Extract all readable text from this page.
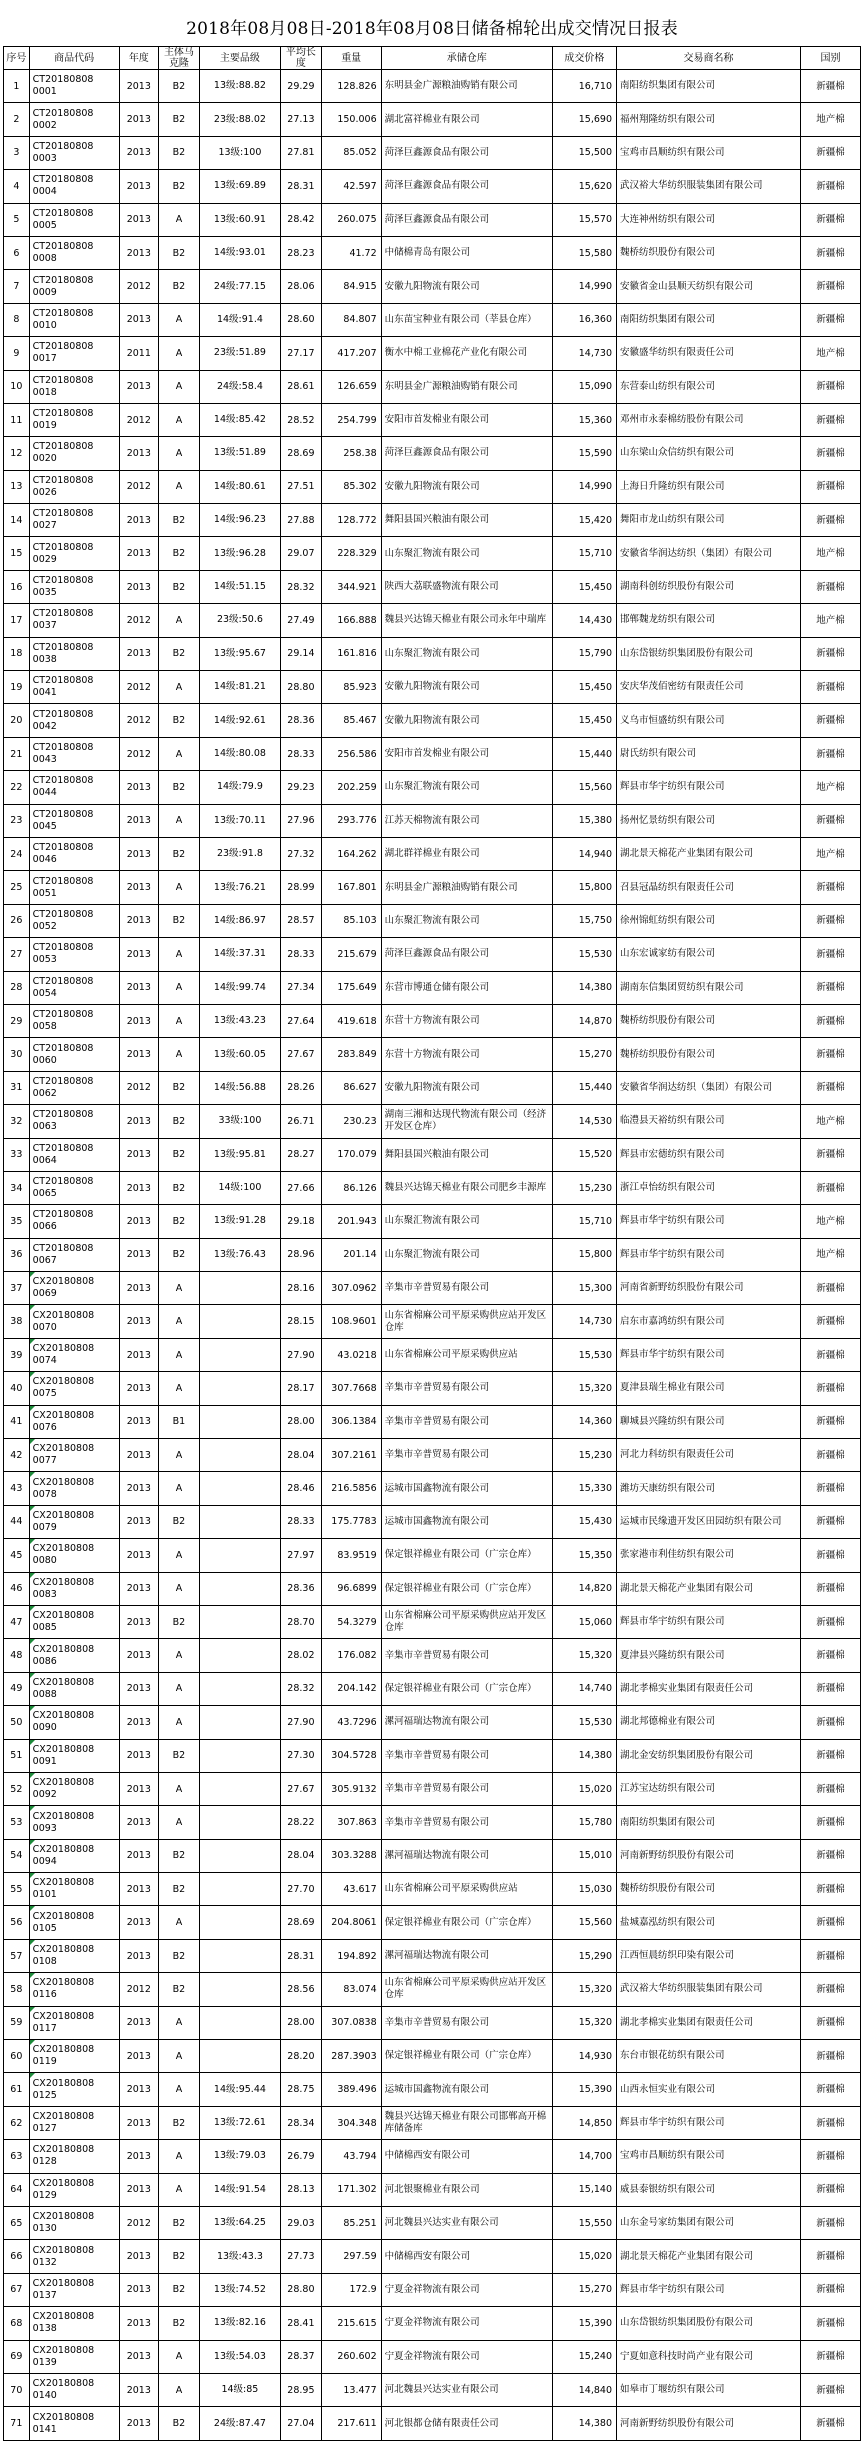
2018年08月08日-2018年08月08日储备棉轮出成交情况日报表
序号	商品代码	年度	主体马克隆	主要品级	平均长度	重量	承储仓库	成交价格	交易商名称	国别
1	CT20180808 0001	2013	B2	13级:88.82	29.29	128.826	东明县金广源粮油购销有限公司	16,710	南阳纺织集团有限公司	新疆棉
2	CT20180808 0002	2013	B2	23级:88.02	27.13	150.006	湖北富祥棉业有限公司	15,690	福州翔隆纺织有限公司	地产棉
3	CT20180808 0003	2013	B2	13级:100	27.81	85.052	菏泽巨鑫源食品有限公司	15,500	宝鸡市昌顺纺织有限公司	新疆棉
4	CT20180808 0004	2013	B2	13级:69.89	28.31	42.597	菏泽巨鑫源食品有限公司	15,620	武汉裕大华纺织服装集团有限公司	新疆棉
5	CT20180808 0005	2013	A	13级:60.91	28.42	260.075	菏泽巨鑫源食品有限公司	15,570	大连神州纺织有限公司	新疆棉
6	CT20180808 0008	2013	B2	14级:93.01	28.23	41.72	中储棉青岛有限公司	15,580	魏桥纺织股份有限公司	新疆棉
7	CT20180808 0009	2012	B2	24级:77.15	28.06	84.915	安徽九阳物流有限公司	14,990	安徽省金山县顺天纺织有限公司	新疆棉
8	CT20180808 0010	2013	A	14级:91.4	28.60	84.807	山东苗宝种业有限公司（莘县仓库）	16,360	南阳纺织集团有限公司	新疆棉
9	CT20180808 0017	2011	A	23级:51.89	27.17	417.207	衡水中棉工业棉花产业化有限公司	14,730	安徽盛华纺织有限责任公司	地产棉
10	CT20180808 0018	2013	A	24级:58.4	28.61	126.659	东明县金广源粮油购销有限公司	15,090	东营泰山纺织有限公司	新疆棉
11	CT20180808 0019	2012	A	14级:85.42	28.52	254.799	安阳市首发棉业有限公司	15,360	邓州市永泰棉纺股份有限公司	新疆棉
12	CT20180808 0020	2013	A	13级:51.89	28.69	258.38	菏泽巨鑫源食品有限公司	15,590	山东梁山众信纺织有限公司	新疆棉
13	CT20180808 0026	2012	A	14级:80.61	27.51	85.302	安徽九阳物流有限公司	14,990	上海日升隆纺织有限公司	新疆棉
14	CT20180808 0027	2013	B2	14级:96.23	27.88	128.772	舞阳县国兴粮油有限公司	15,420	舞阳市龙山纺织有限公司	新疆棉
15	CT20180808 0029	2013	B2	13级:96.28	29.07	228.329	山东聚汇物流有限公司	15,710	安徽省华润达纺织（集团）有限公司	地产棉
16	CT20180808 0035	2013	B2	14级:51.15	28.32	344.921	陕西大荔联盛物流有限公司	15,450	湖南科创纺织股份有限公司	新疆棉
17	CT20180808 0037	2012	A	23级:50.6	27.49	166.888	魏县兴达锦天棉业有限公司永年中瑞库	14,430	邯郸魏龙纺织有限公司	地产棉
18	CT20180808 0038	2013	B2	13级:95.67	29.14	161.816	山东聚汇物流有限公司	15,790	山东岱银纺织集团股份有限公司	新疆棉
19	CT20180808 0041	2012	A	14级:81.21	28.80	85.923	安徽九阳物流有限公司	15,450	安庆华茂佰密纺有限责任公司	新疆棉
20	CT20180808 0042	2012	B2	14级:92.61	28.36	85.467	安徽九阳物流有限公司	15,450	义乌市恒盛纺织有限公司	新疆棉
21	CT20180808 0043	2012	A	14级:80.08	28.33	256.586	安阳市首发棉业有限公司	15,440	尉氏纺织有限公司	新疆棉
22	CT20180808 0044	2013	B2	14级:79.9	29.23	202.259	山东聚汇物流有限公司	15,560	辉县市华宇纺织有限公司	地产棉
23	CT20180808 0045	2013	A	13级:70.11	27.96	293.776	江苏天棉物流有限公司	15,380	扬州忆景纺织有限公司	新疆棉
24	CT20180808 0046	2013	B2	23级:91.8	27.32	164.262	湖北群祥棉业有限公司	14,940	湖北景天棉花产业集团有限公司	地产棉
25	CT20180808 0051	2013	A	13级:76.21	28.99	167.801	东明县金广源粮油购销有限公司	15,800	召县冠晶纺织有限责任公司	新疆棉
26	CT20180808 0052	2013	B2	14级:86.97	28.57	85.103	山东聚汇物流有限公司	15,750	徐州锦虹纺织有限公司	新疆棉
27	CT20180808 0053	2013	A	14级:37.31	28.33	215.679	菏泽巨鑫源食品有限公司	15,530	山东宏诚家纺有限公司	新疆棉
28	CT20180808 0054	2013	A	14级:99.74	27.34	175.649	东营市博通仓储有限公司	14,380	湖南东信集团贸纺织有限公司	新疆棉
29	CT20180808 0058	2013	A	13级:43.23	27.64	419.618	东营十方物流有限公司	14,870	魏桥纺织股份有限公司	新疆棉
30	CT20180808 0060	2013	A	13级:60.05	27.67	283.849	东营十方物流有限公司	15,270	魏桥纺织股份有限公司	新疆棉
31	CT20180808 0062	2012	B2	14级:56.88	28.26	86.627	安徽九阳物流有限公司	15,440	安徽省华润达纺织（集团）有限公司	新疆棉
32	CT20180808 0063	2013	B2	33级:100	26.71	230.23	湖南三湘和达现代物流有限公司（经济开发区仓库）	14,530	临澧县天裕纺织有限公司	地产棉
33	CT20180808 0064	2013	B2	13级:95.81	28.27	170.079	舞阳县国兴粮油有限公司	15,520	辉县市宏德纺织有限公司	新疆棉
34	CT20180808 0065	2013	B2	14级:100	27.66	86.126	魏县兴达锦天棉业有限公司肥乡丰源库	15,230	浙江卓怡纺织有限公司	新疆棉
35	CT20180808 0066	2013	B2	13级:91.28	29.18	201.943	山东聚汇物流有限公司	15,710	辉县市华宇纺织有限公司	地产棉
36	CT20180808 0067	2013	B2	13级:76.43	28.96	201.14	山东聚汇物流有限公司	15,800	辉县市华宇纺织有限公司	地产棉
37	CX20180808 0069	2013	A		28.16	307.0962	辛集市辛普贸易有限公司	15,300	河南省新野纺织股份有限公司	新疆棉
38	CX20180808 0070	2013	A		28.15	108.9601	山东省棉麻公司平原采购供应站开发区仓库	14,730	启东市嘉鸿纺织有限公司	新疆棉
39	CX20180808 0074	2013	A		27.90	43.0218	山东省棉麻公司平原采购供应站	15,530	辉县市华宇纺织有限公司	新疆棉
40	CX20180808 0075	2013	A		28.17	307.7668	辛集市辛普贸易有限公司	15,320	夏津县瑞生棉业有限公司	新疆棉
41	CX20180808 0076	2013	B1		28.00	306.1384	辛集市辛普贸易有限公司	14,360	聊城县兴隆纺织有限公司	新疆棉
42	CX20180808 0077	2013	A		28.04	307.2161	辛集市辛普贸易有限公司	15,230	河北力科纺织有限责任公司	新疆棉
43	CX20180808 0078	2013	A		28.46	216.5856	运城市国鑫物流有限公司	15,330	潍坊天康纺织有限公司	新疆棉
44	CX20180808 0079	2013	B2		28.33	175.7783	运城市国鑫物流有限公司	15,430	运城市民缘遗开发区田园纺织有限公司	新疆棉
45	CX20180808 0080	2013	A		27.97	83.9519	保定银祥棉业有限公司（广宗仓库）	15,350	张家港市利佳纺织有限公司	新疆棉
46	CX20180808 0083	2013	A		28.36	96.6899	保定银祥棉业有限公司（广宗仓库）	14,820	湖北景天棉花产业集团有限公司	新疆棉
47	CX20180808 0085	2013	B2		28.70	54.3279	山东省棉麻公司平原采购供应站开发区仓库	15,060	辉县市华宇纺织有限公司	新疆棉
48	CX20180808 0086	2013	A		28.02	176.082	辛集市辛普贸易有限公司	15,320	夏津县兴隆纺织有限公司	新疆棉
49	CX20180808 0088	2013	A		28.32	204.142	保定银祥棉业有限公司（广宗仓库）	14,740	湖北孝棉实业集团有限责任公司	新疆棉
50	CX20180808 0090	2013	A		27.90	43.7296	漯河福瑞达物流有限公司	15,530	湖北邦德棉业有限公司	新疆棉
51	CX20180808 0091	2013	B2		27.30	304.5728	辛集市辛普贸易有限公司	14,380	湖北金安纺织集团股份有限公司	新疆棉
52	CX20180808 0092	2013	A		27.67	305.9132	辛集市辛普贸易有限公司	15,020	江苏宝达纺织有限公司	新疆棉
53	CX20180808 0093	2013	A		28.22	307.863	辛集市辛普贸易有限公司	15,780	南阳纺织集团有限公司	新疆棉
54	CX20180808 0094	2013	B2		28.04	303.3288	漯河福瑞达物流有限公司	15,010	河南新野纺织股份有限公司	新疆棉
55	CX20180808 0101	2013	B2		27.70	43.617	山东省棉麻公司平原采购供应站	15,030	魏桥纺织股份有限公司	新疆棉
56	CX20180808 0105	2013	A		28.69	204.8061	保定银祥棉业有限公司（广宗仓库）	15,560	盐城嘉泓纺织有限公司	新疆棉
57	CX20180808 0108	2013	B2		28.31	194.892	漯河福瑞达物流有限公司	15,290	江西恒晨纺织印染有限公司	新疆棉
58	CX20180808 0116	2012	B2		28.56	83.074	山东省棉麻公司平原采购供应站开发区仓库	15,320	武汉裕大华纺织服装集团有限公司	新疆棉
59	CX20180808 0117	2013	A		28.00	307.0838	辛集市辛普贸易有限公司	15,320	湖北孝棉实业集团有限责任公司	新疆棉
60	CX20180808 0119	2013	A		28.20	287.3903	保定银祥棉业有限公司（广宗仓库）	14,930	东台市银花纺织有限公司	新疆棉
61	CX20180808 0125	2013	A	14级:95.44	28.75	389.496	运城市国鑫物流有限公司	15,390	山西永恒实业有限公司	新疆棉
62	CX20180808 0127	2013	B2	13级:72.61	28.34	304.348	魏县兴达锦天棉业有限公司邯郸高开棉库储备库	14,850	辉县市华宇纺织有限公司	新疆棉
63	CX20180808 0128	2013	A	13级:79.03	26.79	43.794	中储棉西安有限公司	14,700	宝鸡市昌顺纺织有限公司	新疆棉
64	CX20180808 0129	2013	A	14级:91.54	28.13	171.302	河北银聚棉业有限公司	15,140	威县泰银纺织有限公司	新疆棉
65	CX20180808 0130	2012	B2	13级:64.25	29.03	85.251	河北魏县兴达实业有限公司	15,550	山东金号家纺集团有限公司	新疆棉
66	CX20180808 0132	2013	B2	13级:43.3	27.73	297.59	中储棉西安有限公司	15,020	湖北景天棉花产业集团有限公司	新疆棉
67	CX20180808 0137	2013	B2	13级:74.52	28.80	172.9	宁夏金祥物流有限公司	15,270	辉县市华宇纺织有限公司	新疆棉
68	CX20180808 0138	2013	B2	13级:82.16	28.41	215.615	宁夏金祥物流有限公司	15,390	山东岱银纺织集团股份有限公司	新疆棉
69	CX20180808 0139	2013	A	13级:54.03	28.37	260.602	宁夏金祥物流有限公司	15,240	宁夏如意科技时尚产业有限公司	新疆棉
70	CX20180808 0140	2013	A	14级:85	28.95	13.477	河北魏县兴达实业有限公司	14,840	如皋市丁堰纺织有限公司	新疆棉
71	CX20180808 0141	2013	B2	24级:87.47	27.04	217.611	河北银都仓储有限责任公司	14,380	河南新野纺织股份有限公司	新疆棉
